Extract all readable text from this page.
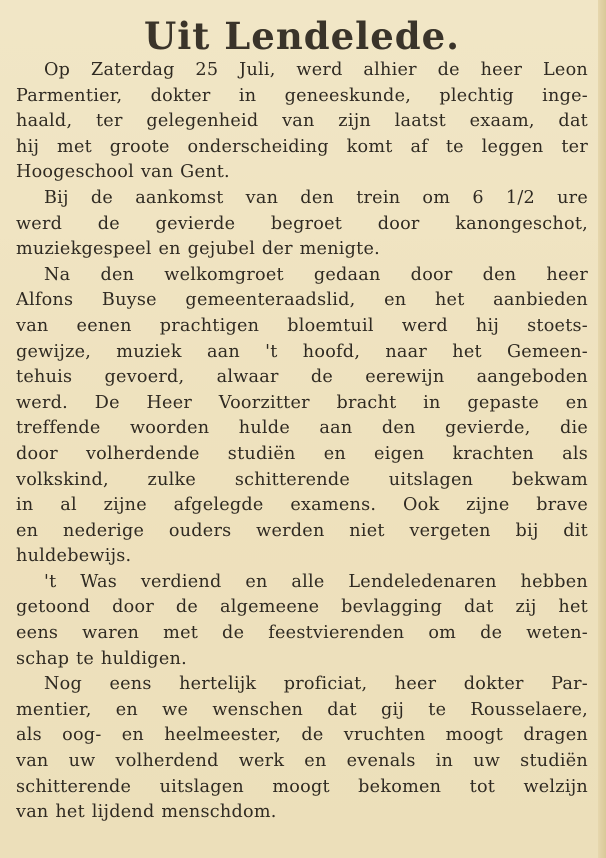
Uit Lendelede.

Op Zaterdag 25 Juli, werd alhier de heer Leon
Parmentier, dokter in geneeskunde, plechtig inge-
haald, ter gelegenheid van zijn laatst exaam, dat
hij met groote onderscheiding komt af te leggen ter
Hoogeschool van Gent.

Bij de aankomst van den trein om 6 1/2 ure
werd de gevierde begroet door kanongeschot,
muziekgespeel en gejubel der menigte.

Na den welkomgroet gedaan door den heer
Alfons Buyse gemeenteraadslid, en het aanbieden
van eenen prachtigen bloemtuil werd hij stoets-
gewijze, muziek aan 't hoofd, naar het Gemeen-
tehuis gevoerd, alwaar de eerewijn aangeboden
werd. De Heer Voorzitter bracht in gepaste en
treffende woorden hulde aan den gevierde, die
door volherdende studiën en eigen krachten als
volkskind, zulke schitterende uitslagen bekwam
in al zijne afgelegde examens. Ook zijne brave
en nederige ouders werden niet vergeten bij dit
huldebewijs.

't Was verdiend en alle Lendeledenaren hebben
getoond door de algemeene bevlagging dat zij het
eens waren met de feestvierenden om de weten-
schap te huldigen.

Nog eens hertelijk proficiat, heer dokter Par-
mentier, en we wenschen dat gij te Rousselaere,
als oog- en heelmeester, de vruchten moogt dragen
van uw volherdend werk en evenals in uw studiën
schitterende uitslagen moogt bekomen tot welzijn
van het lijdend menschdom.
